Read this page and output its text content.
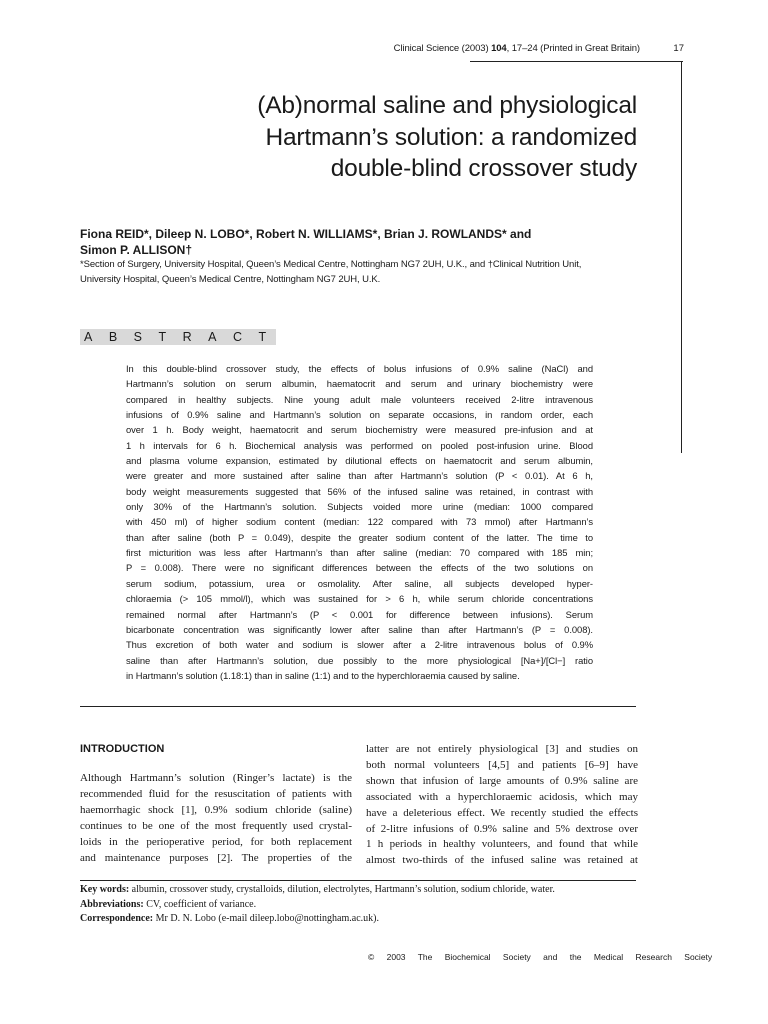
Clinical Science (2003) 104, 17–24 (Printed in Great Britain)	17
(Ab)normal saline and physiological
Hartmann’s solution: a randomized
double-blind crossover study
Fiona REID*, Dileep N. LOBO*, Robert N. WILLIAMS*, Brian J. ROWLANDS* and
Simon P. ALLISON†
*Section of Surgery, University Hospital, Queen’s Medical Centre, Nottingham NG7 2UH, U.K., and †Clinical Nutrition Unit,
University Hospital, Queen’s Medical Centre, Nottingham NG7 2UH, U.K.
ABSTRACT
In this double-blind crossover study, the effects of bolus infusions of 0.9% saline (NaCl) and
Hartmann’s solution on serum albumin, haematocrit and serum and urinary biochemistry were
compared in healthy subjects. Nine young adult male volunteers received 2-litre intravenous
infusions of 0.9% saline and Hartmann’s solution on separate occasions, in random order, each
over 1 h. Body weight, haematocrit and serum biochemistry were measured pre-infusion and at
1 h intervals for 6 h. Biochemical analysis was performed on pooled post-infusion urine. Blood
and plasma volume expansion, estimated by dilutional effects on haematocrit and serum albumin,
were greater and more sustained after saline than after Hartmann’s solution (P < 0.01). At 6 h,
body weight measurements suggested that 56% of the infused saline was retained, in contrast with
only 30% of the Hartmann’s solution. Subjects voided more urine (median: 1000 compared
with 450 ml) of higher sodium content (median: 122 compared with 73 mmol) after Hartmann’s
than after saline (both P = 0.049), despite the greater sodium content of the latter. The time to
first micturition was less after Hartmann’s than after saline (median: 70 compared with 185 min;
P = 0.008). There were no significant differences between the effects of the two solutions on
serum sodium, potassium, urea or osmolality. After saline, all subjects developed hyper-
chloraemia (> 105 mmol/l), which was sustained for > 6 h, while serum chloride concentrations
remained normal after Hartmann’s (P < 0.001 for difference between infusions). Serum
bicarbonate concentration was significantly lower after saline than after Hartmann’s (P = 0.008).
Thus excretion of both water and sodium is slower after a 2-litre intravenous bolus of 0.9%
saline than after Hartmann’s solution, due possibly to the more physiological [Na+]/[Cl−] ratio
in Hartmann’s solution (1.18:1) than in saline (1:1) and to the hyperchloraemia caused by saline.
INTRODUCTION
Although Hartmann’s solution (Ringer’s lactate) is the
recommended fluid for the resuscitation of patients with
haemorrhagic shock [1], 0.9% sodium chloride (saline)
continues to be one of the most frequently used crystal-
loids in the perioperative period, for both replacement
and maintenance purposes [2]. The properties of the
latter are not entirely physiological [3] and studies on
both normal volunteers [4,5] and patients [6–9] have
shown that infusion of large amounts of 0.9% saline are
associated with a hyperchloraemic acidosis, which may
have a deleterious effect. We recently studied the effects
of 2-litre infusions of 0.9% saline and 5% dextrose over
1 h periods in healthy volunteers, and found that while
almost two-thirds of the infused saline was retained at
Key words: albumin, crossover study, crystalloids, dilution, electrolytes, Hartmann’s solution, sodium chloride, water.
Abbreviations: CV, coefficient of variance.
Correspondence: Mr D. N. Lobo (e-mail dileep.lobo@nottingham.ac.uk).
© 2003 The Biochemical Society and the Medical Research Society
